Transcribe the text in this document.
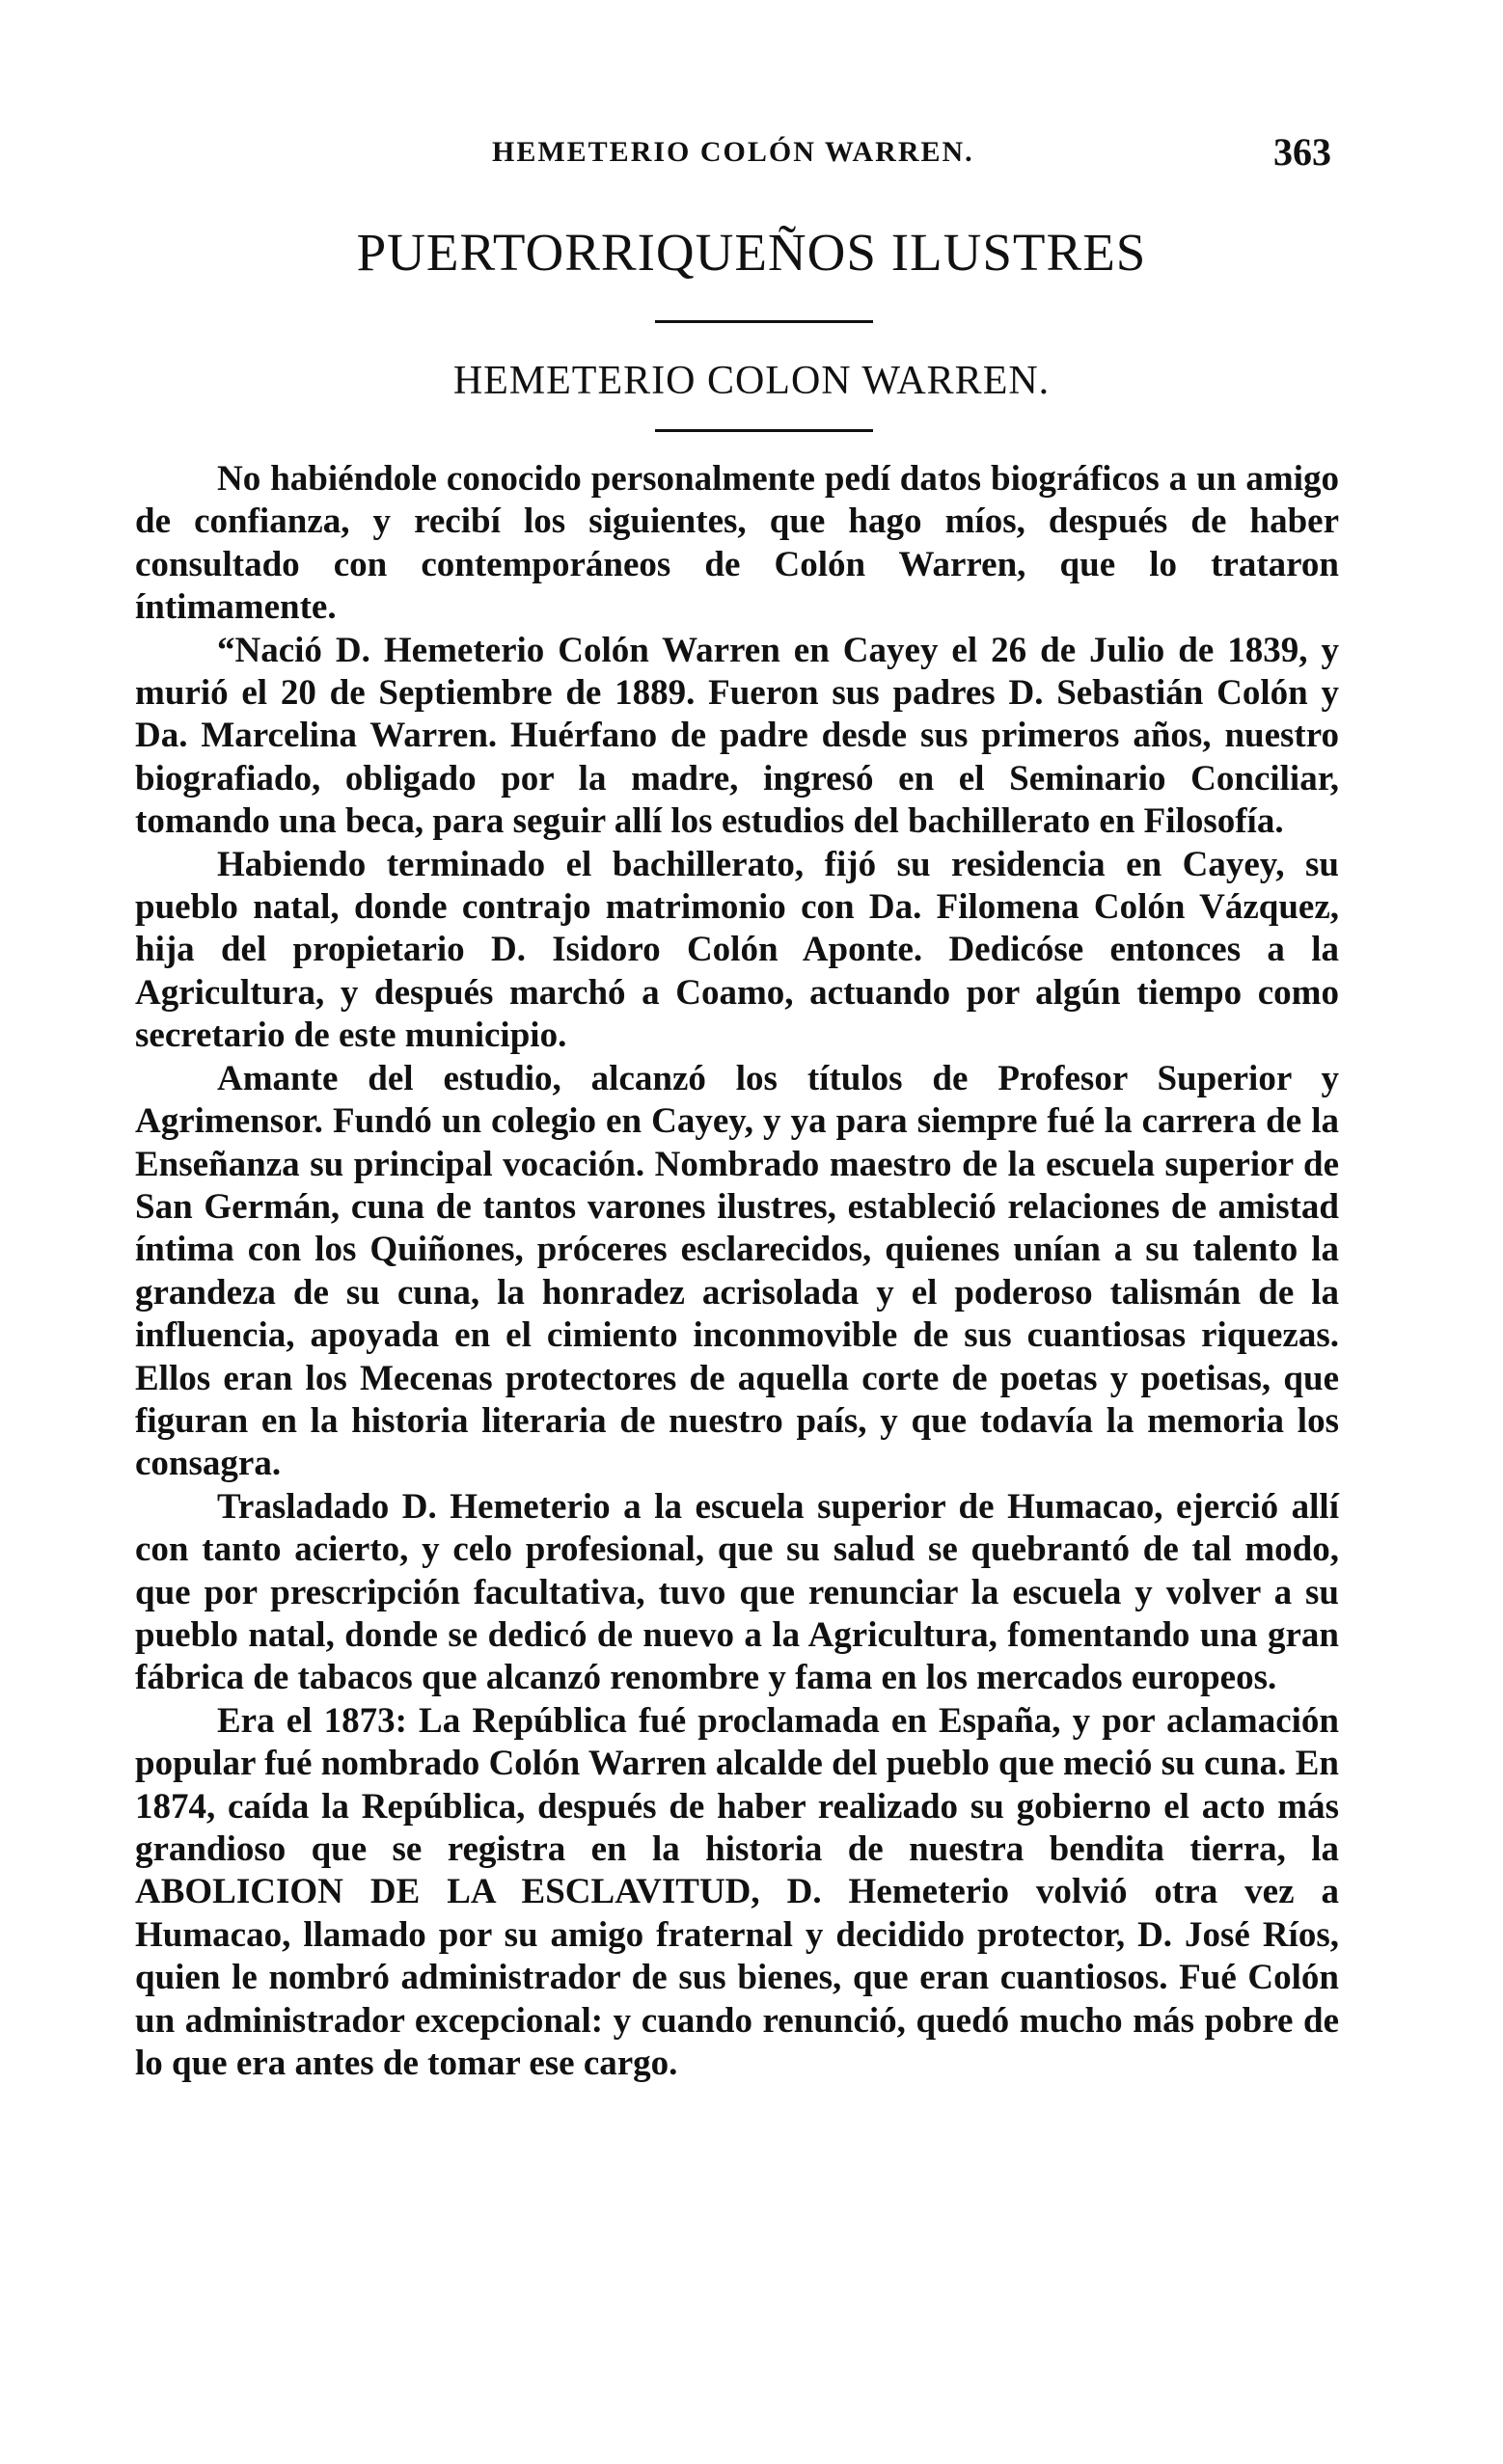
HEMETERIO COLÓN WARREN.	363
PUERTORRIQUEÑOS ILUSTRES
HEMETERIO COLON WARREN.

No habiéndole conocido personalmente pedí datos biográficos a un amigo de confianza, y recibí los siguientes, que hago míos, después de haber consultado con contemporáneos de Colón Warren, que lo trataron íntimamente.

“Nació D. Hemeterio Colón Warren en Cayey el 26 de Julio de 1839, y murió el 20 de Septiembre de 1889. Fueron sus padres D. Sebastián Colón y Da. Marcelina Warren. Huérfano de padre desde sus primeros años, nuestro biografiado, obligado por la madre, ingresó en el Seminario Conciliar, tomando una beca, para seguir allí los estudios del bachillerato en Filosofía.

Habiendo terminado el bachillerato, fijó su residencia en Cayey, su pueblo natal, donde contrajo matrimonio con Da. Filomena Colón Vázquez, hija del propietario D. Isidoro Colón Aponte. Dedicóse entonces a la Agricultura, y después marchó a Coamo, actuando por algún tiempo como secretario de este municipio.

Amante del estudio, alcanzó los títulos de Profesor Superior y Agrimensor. Fundó un colegio en Cayey, y ya para siempre fué la carrera de la Enseñanza su principal vocación. Nombrado maestro de la escuela superior de San Germán, cuna de tantos varones ilustres, estableció relaciones de amistad íntima con los Quiñones, próceres esclarecidos, quienes unían a su talento la grandeza de su cuna, la honradez acrisolada y el poderoso talismán de la influencia, apoyada en el cimiento inconmovible de sus cuantiosas riquezas. Ellos eran los Mecenas protectores de aquella corte de poetas y poetisas, que figuran en la historia literaria de nuestro país, y que todavía la memoria los consagra.

Trasladado D. Hemeterio a la escuela superior de Humacao, ejerció allí con tanto acierto, y celo profesional, que su salud se quebrantó de tal modo, que por prescripción facultativa, tuvo que renunciar la escuela y volver a su pueblo natal, donde se dedicó de nuevo a la Agricultura, fomentando una gran fábrica de tabacos que alcanzó renombre y fama en los mercados europeos.

Era el 1873: La República fué proclamada en España, y por aclamación popular fué nombrado Colón Warren alcalde del pueblo que meció su cuna. En 1874, caída la República, después de haber realizado su gobierno el acto más grandioso que se registra en la historia de nuestra bendita tierra, la ABOLICION DE LA ESCLAVITUD, D. Hemeterio volvió otra vez a Humacao, llamado por su amigo fraternal y decidido protector, D. José Ríos, quien le nombró administrador de sus bienes, que eran cuantiosos. Fué Colón un administrador excepcional: y cuando renunció, quedó mucho más pobre de lo que era antes de tomar ese cargo.
